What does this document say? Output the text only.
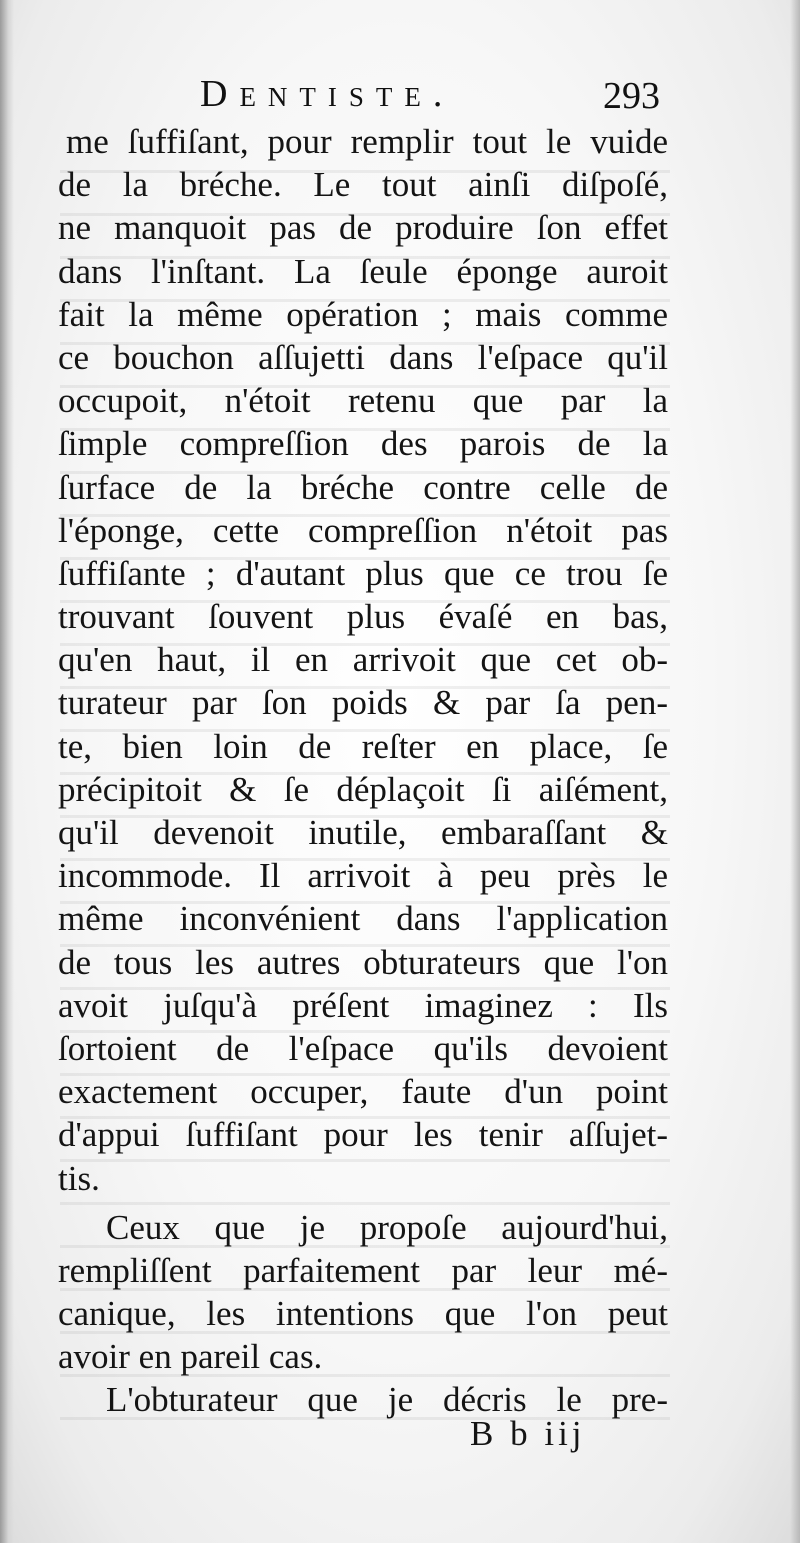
Dentiste.	293
me ſuffiſant, pour remplir tout le vuide
de la bréche. Le tout ainſi diſpoſé,
ne manquoit pas de produire ſon effet
dans l'inſtant. La ſeule éponge auroit
fait la même opération ; mais comme
ce bouchon aſſujetti dans l'eſpace qu'il
occupoit, n'étoit retenu que par la
ſimple compreſſion des parois de la
ſurface de la bréche contre celle de
l'éponge, cette compreſſion n'étoit pas
ſuffiſante ; d'autant plus que ce trou ſe
trouvant ſouvent plus évaſé en bas,
qu'en haut, il en arrivoit que cet ob-
turateur par ſon poids & par ſa pen-
te, bien loin de reſter en place, ſe
précipitoit & ſe déplaçoit ſi aiſément,
qu'il devenoit inutile, embaraſſant &
incommode. Il arrivoit à peu près le
même inconvénient dans l'application
de tous les autres obturateurs que l'on
avoit juſqu'à préſent imaginez : Ils
ſortoient de l'eſpace qu'ils devoient
exactement occuper, faute d'un point
d'appui ſuffiſant pour les tenir aſſujet-
tis.
Ceux que je propoſe aujourd'hui,
rempliſſent parfaitement par leur mé-
canique, les intentions que l'on peut
avoir en pareil cas.
L'obturateur que je décris le pre-
B b iij
